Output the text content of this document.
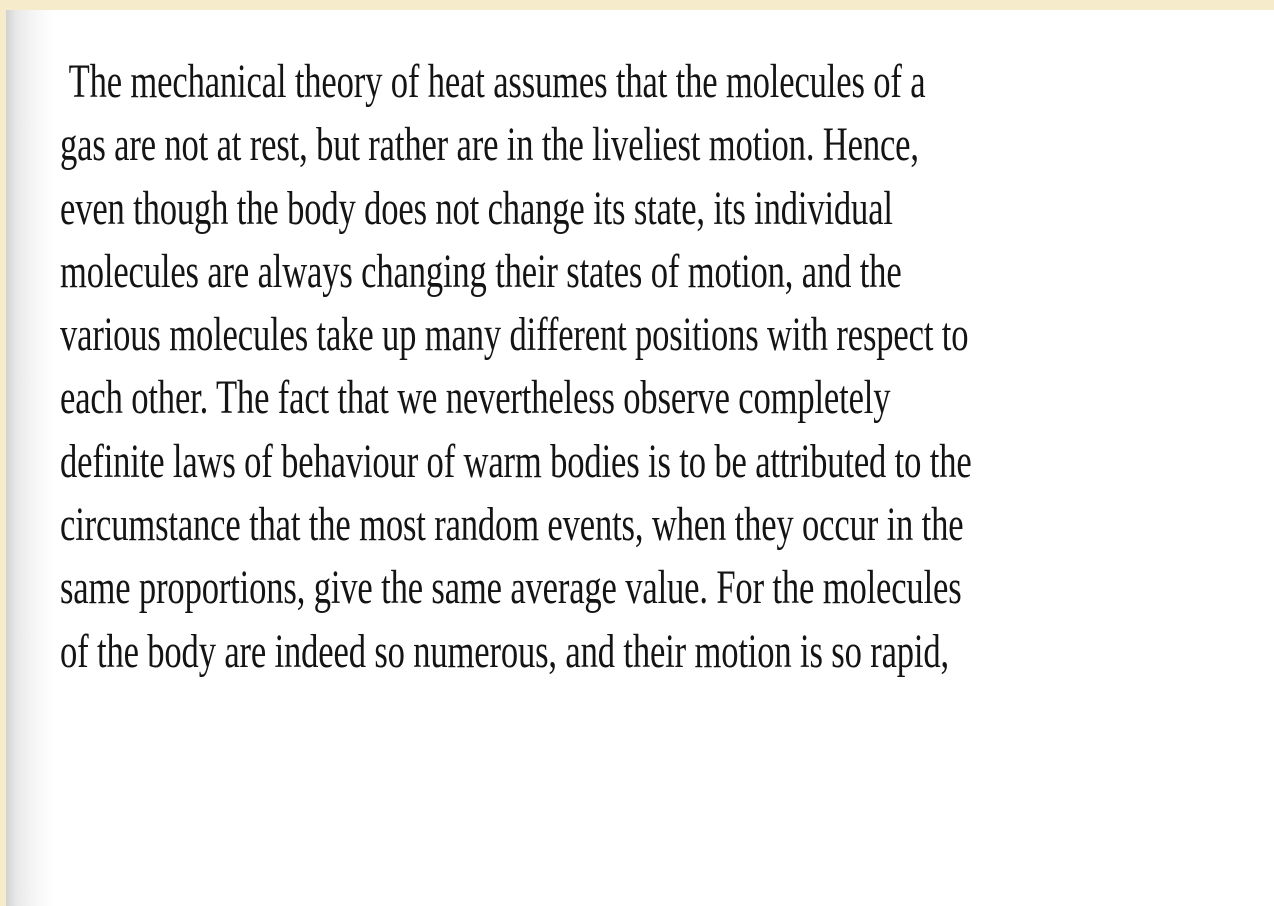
The mechanical theory of heat assumes that the molecules of a
gas are not at rest, but rather are in the liveliest motion. Hence,
even though the body does not change its state, its individual
molecules are always changing their states of motion, and the
various molecules take up many different positions with respect to
each other. The fact that we nevertheless observe completely
definite laws of behaviour of warm bodies is to be attributed to the
circumstance that the most random events, when they occur in the
same proportions, give the same average value. For the molecules
of the body are indeed so numerous, and their motion is so rapid,
